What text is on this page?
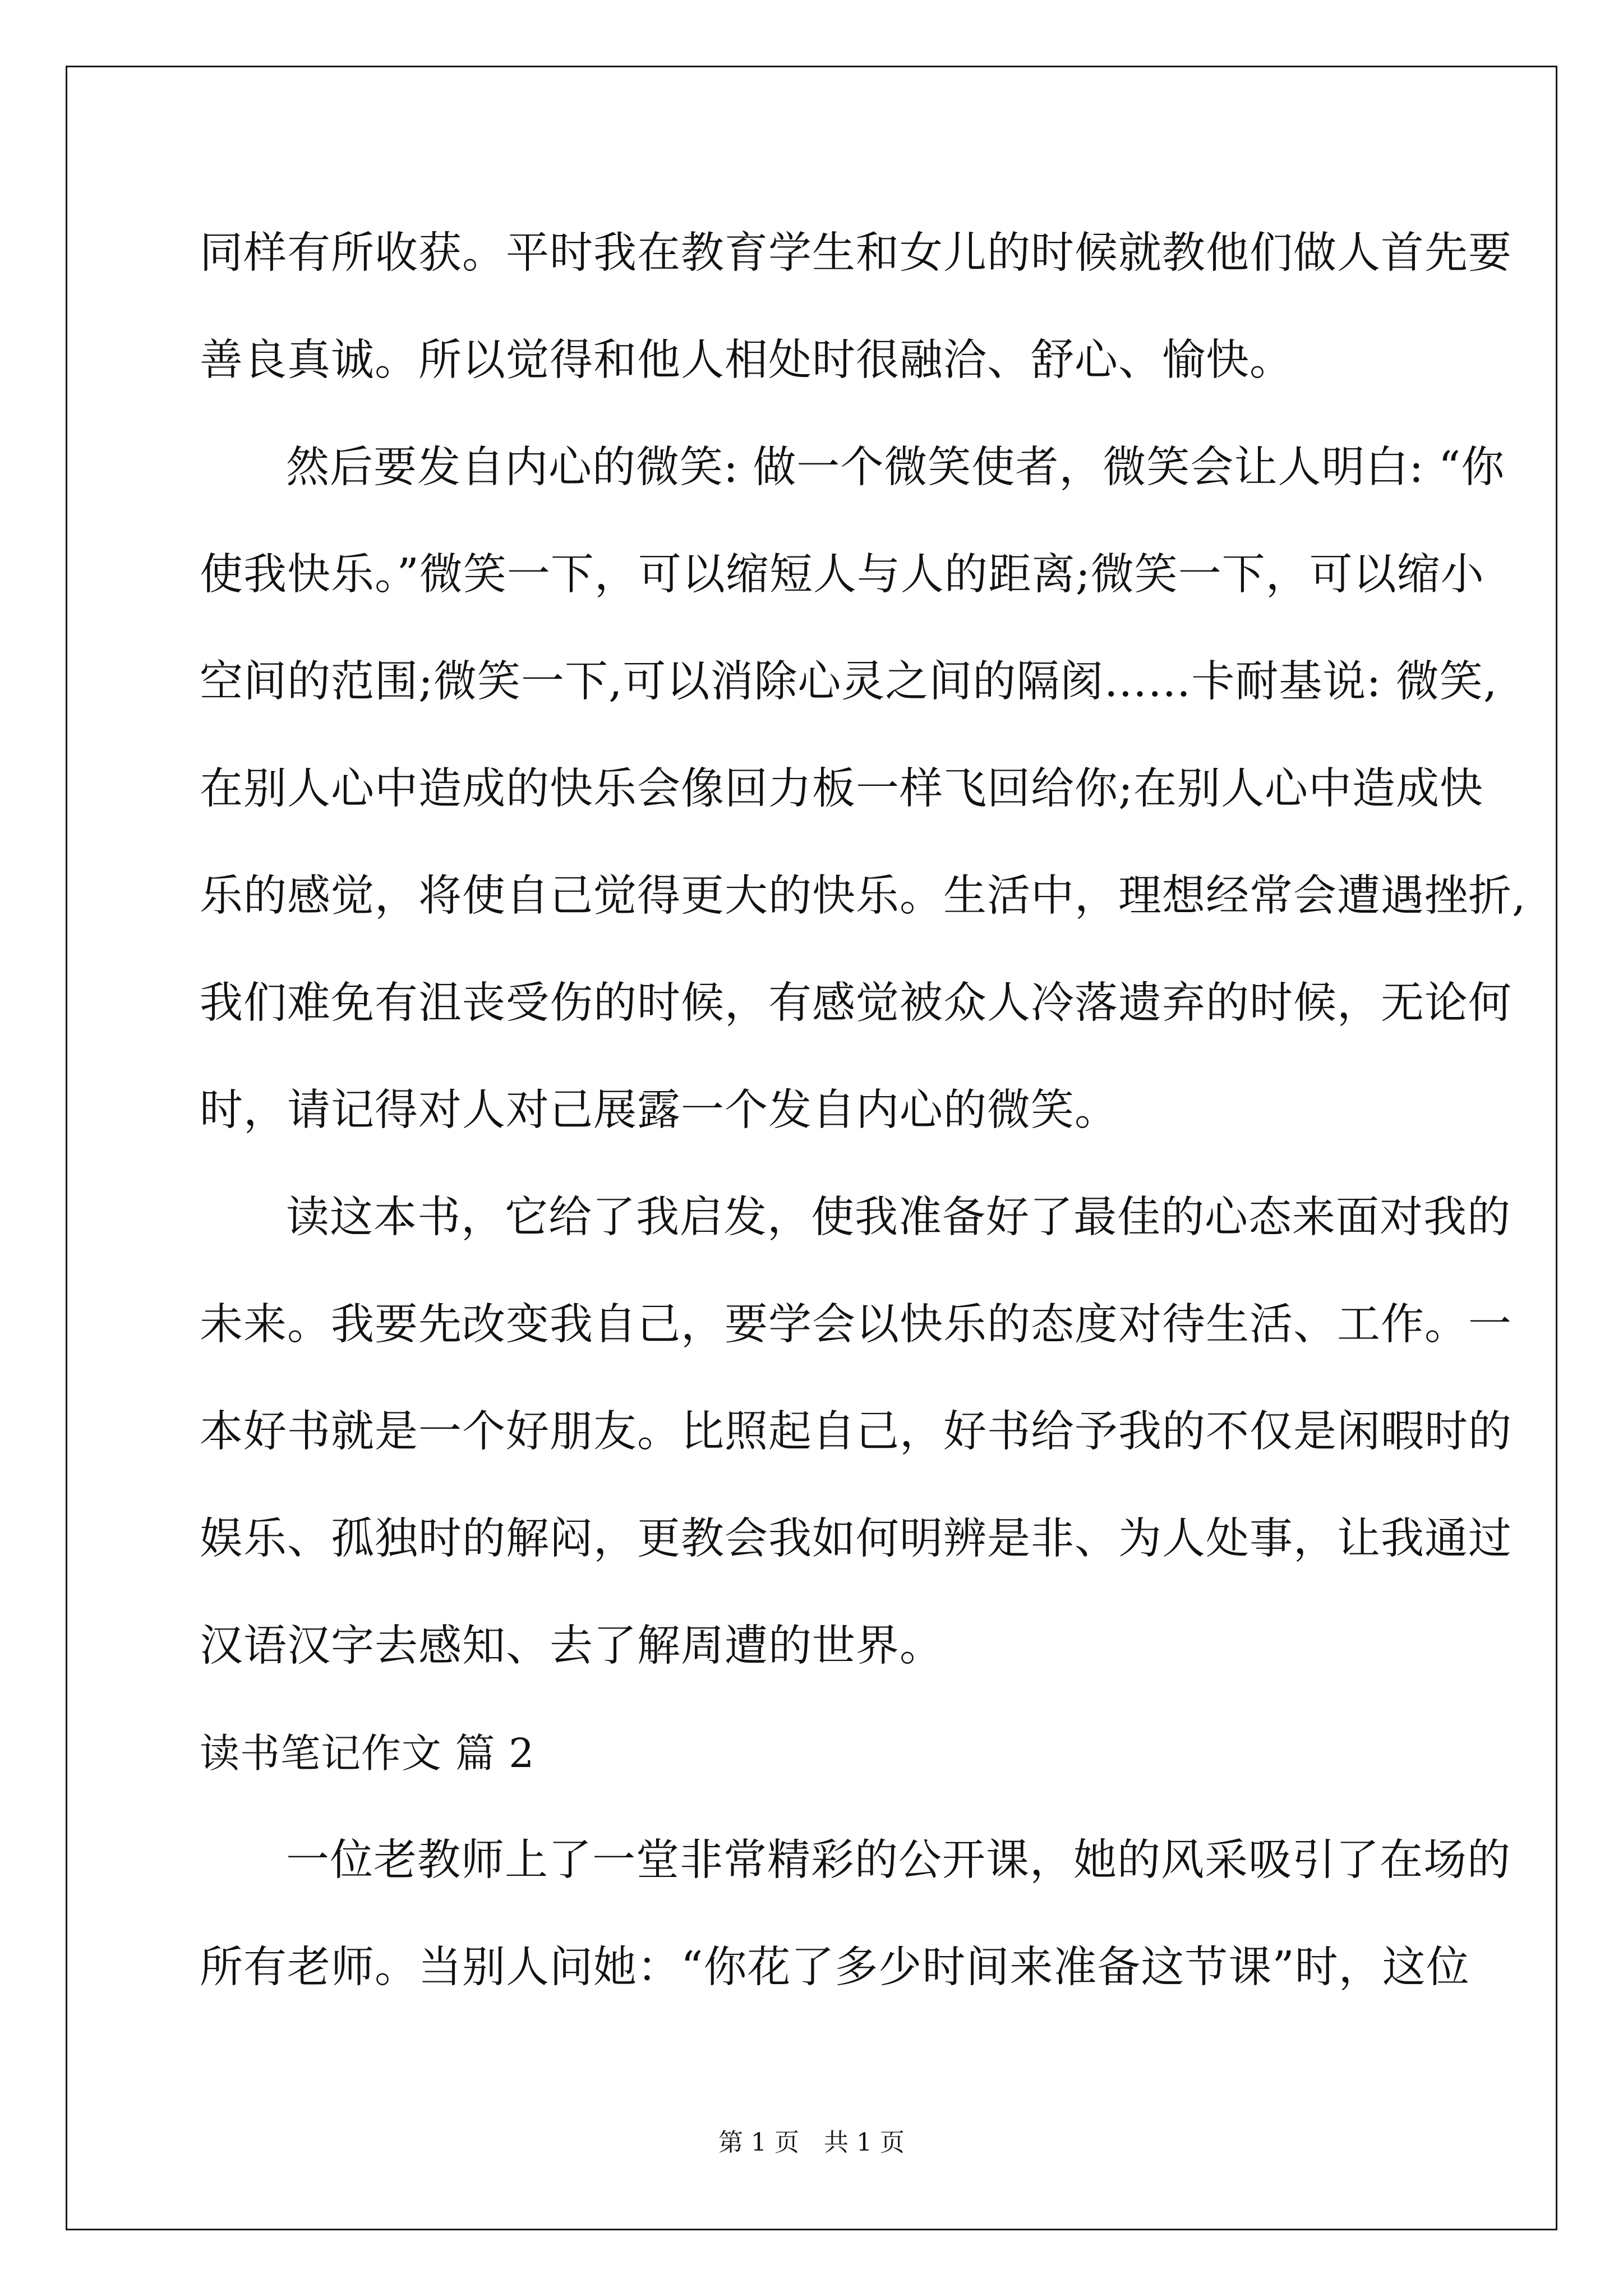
同样有所收获。平时我在教育学生和女儿的时候就教他们做人首先要
善良真诚。所以觉得和他人相处时很融洽、舒心、愉快。
然后要发自内心的微笑: 做一个微笑使者，微笑会让人明白: “你
使我快乐。”微笑一下，可以缩短人与人的距离;微笑一下，可以缩小
空间的范围;微笑一下,可以消除心灵之间的隔阂……卡耐基说: 微笑,
在别人心中造成的快乐会像回力板一样飞回给你;在别人心中造成快
乐的感觉，将使自己觉得更大的快乐。生活中，理想经常会遭遇挫折,
我们难免有沮丧受伤的时候，有感觉被众人冷落遗弃的时候，无论何
时，请记得对人对己展露一个发自内心的微笑。
读这本书，它给了我启发，使我准备好了最佳的心态来面对我的
未来。我要先改变我自己，要学会以快乐的态度对待生活、工作。一
本好书就是一个好朋友。比照起自己，好书给予我的不仅是闲暇时的
娱乐、孤独时的解闷，更教会我如何明辨是非、为人处事，让我通过
汉语汉字去感知、去了解周遭的世界。
读书笔记作文 篇 2
一位老教师上了一堂非常精彩的公开课，她的风采吸引了在场的
所有老师。当别人问她：“你花了多少时间来准备这节课”时，这位
第 1 页　共 1 页
